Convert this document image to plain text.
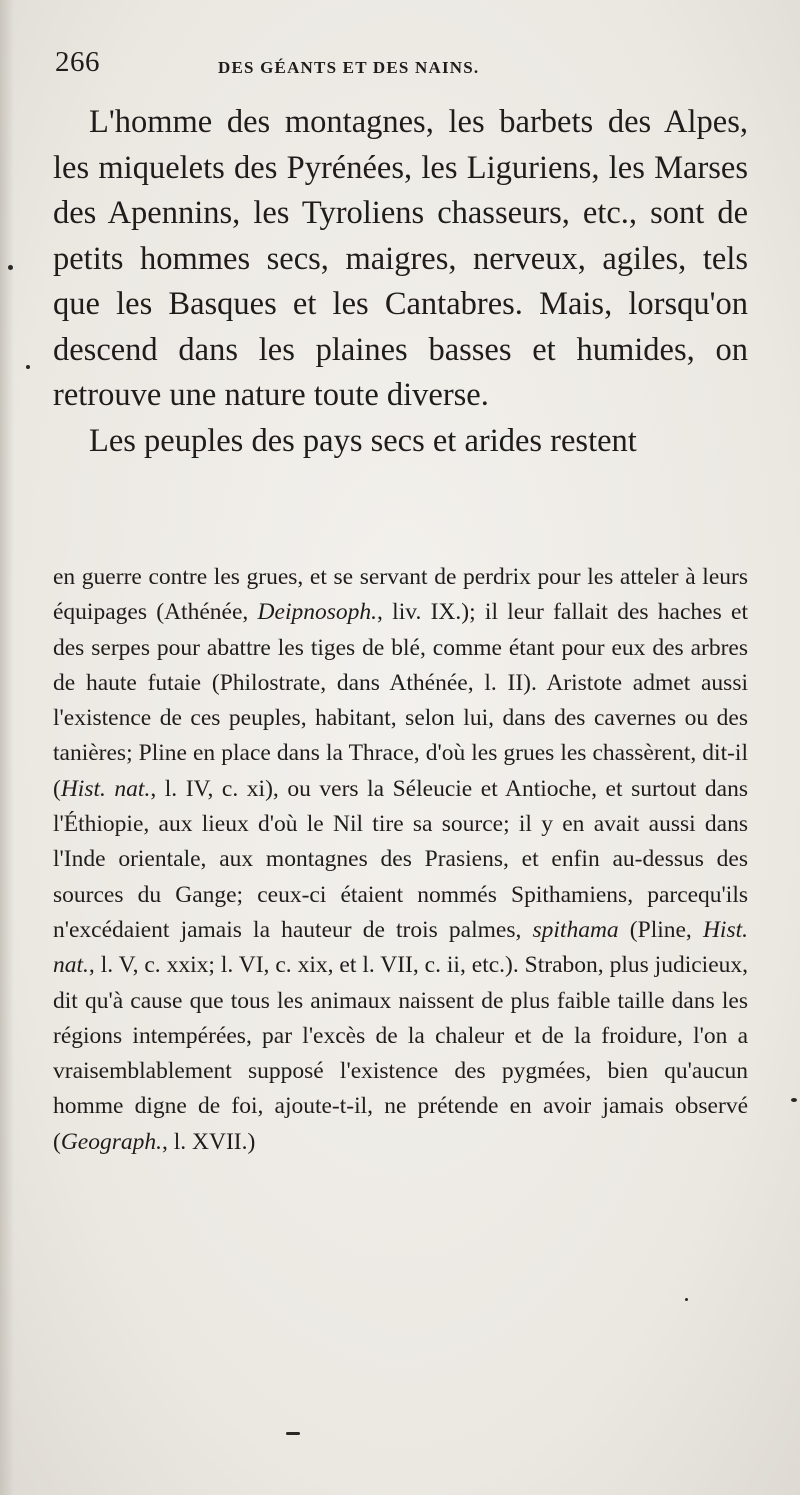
266	DES GÉANTS ET DES NAINS.

L'homme des montagnes, les barbets des Alpes, les miquelets des Pyrénées, les Liguriens, les Marses des Apennins, les Tyroliens chasseurs, etc., sont de petits hommes secs, maigres, nerveux, agiles, tels que les Basques et les Cantabres. Mais, lorsqu'on descend dans les plaines basses et humides, on retrouve une nature toute diverse.

Les peuples des pays secs et arides restent

en guerre contre les grues, et se servant de perdrix pour les atteler à leurs équipages (Athénée, Deipnosoph., liv. IX.); il leur fallait des haches et des serpes pour abattre les tiges de blé, comme étant pour eux des arbres de haute futaie (Philostrate, dans Athénée, l. II). Aristote admet aussi l'existence de ces peuples, habitant, selon lui, dans des cavernes ou des tanières; Pline en place dans la Thrace, d'où les grues les chassèrent, dit-il (Hist. nat., l. IV, c. xi), ou vers la Séleucie et Antioche, et surtout dans l'Éthiopie, aux lieux d'où le Nil tire sa source; il y en avait aussi dans l'Inde orientale, aux montagnes des Prasiens, et enfin au-dessus des sources du Gange; ceux-ci étaient nommés Spithamiens, parcequ'ils n'excédaient jamais la hauteur de trois palmes, spithama (Pline, Hist. nat., l. V, c. xxix; l. VI, c. xix, et l. VII, c. ii, etc.). Strabon, plus judicieux, dit qu'à cause que tous les animaux naissent de plus faible taille dans les régions intempérées, par l'excès de la chaleur et de la froidure, l'on a vraisemblablement supposé l'existence des pygmées, bien qu'aucun homme digne de foi, ajoute-t-il, ne prétende en avoir jamais observé (Geograph., l. XVII.)
